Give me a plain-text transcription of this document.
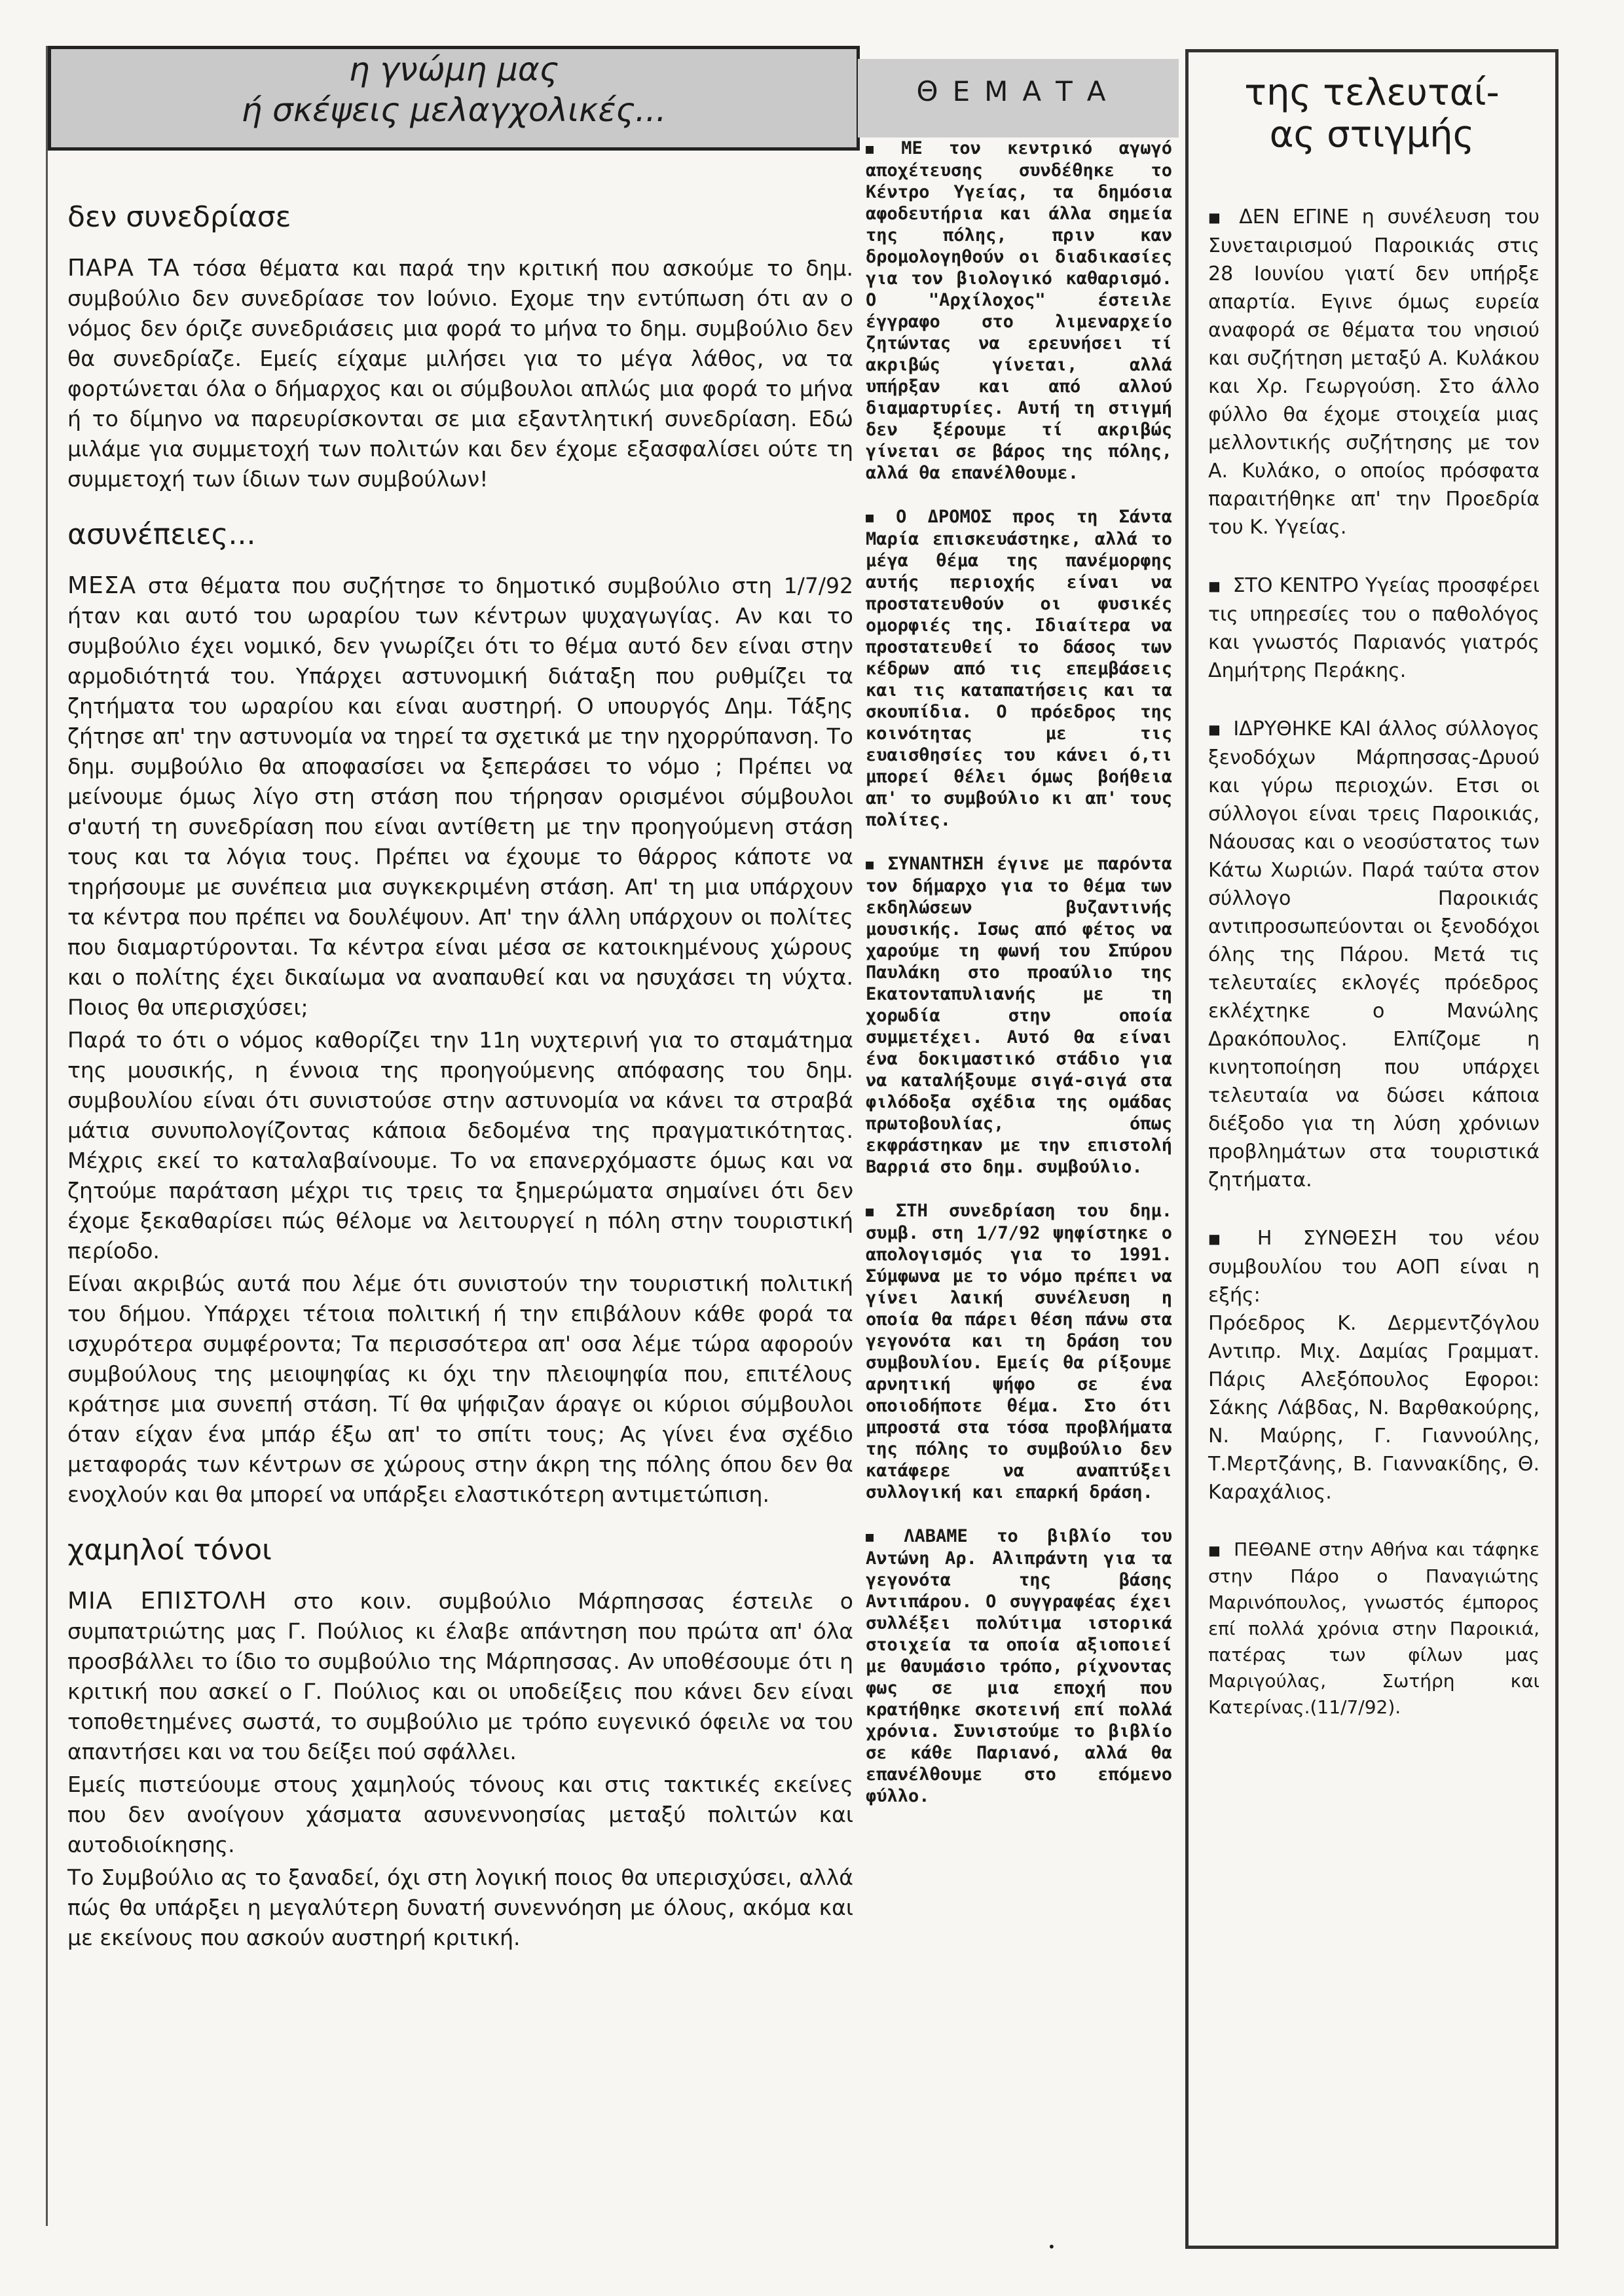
η γνώμη μας
ή σκέψεις μελαγχολικές...
δεν συνεδρίασε

ΠΑΡΑ ΤΑ τόσα θέματα και παρά την κριτική που ασκούμε το δημ. συμβούλιο δεν συνεδρίασε τον Ιούνιο. Εχομε την εντύπωση ότι αν ο νόμος δεν όριζε συνεδριάσεις μια φορά το μήνα το δημ. συμβούλιο δεν θα συνεδρίαζε. Εμείς είχαμε μιλήσει για το μέγα λάθος, να τα φορτώνεται όλα ο δήμαρχος και οι σύμβουλοι απλώς μια φορά το μήνα ή το δίμηνο να παρευρίσκονται σε μια εξαντλητική συνεδρίαση. Εδώ μιλάμε για συμμετοχή των πολιτών και δεν έχομε εξασφαλίσει ούτε τη συμμετοχή των ίδιων των συμβούλων!

ασυνέπειες...

ΜΕΣΑ στα θέματα που συζήτησε το δημοτικό συμβούλιο στη 1/7/92 ήταν και αυτό του ωραρίου των κέντρων ψυχαγωγίας. Αν και το συμβούλιο έχει νομικό, δεν γνωρίζει ότι το θέμα αυτό δεν είναι στην αρμοδιότητά του. Υπάρχει αστυνομική διάταξη που ρυθμίζει τα ζητήματα του ωραρίου και είναι αυστηρή. Ο υπουργός Δημ. Τάξης ζήτησε απ' την αστυνομία να τηρεί τα σχετικά με την ηχορρύπανση. Το δημ. συμβούλιο θα αποφασίσει να ξεπεράσει το νόμο ; Πρέπει να μείνουμε όμως λίγο στη στάση που τήρησαν ορισμένοι σύμβουλοι σ'αυτή τη συνεδρίαση που είναι αντίθετη με την προηγούμενη στάση τους και τα λόγια τους. Πρέπει να έχουμε το θάρρος κάποτε να τηρήσουμε με συνέπεια μια συγκεκριμένη στάση. Απ' τη μια υπάρχουν τα κέντρα που πρέπει να δουλέψουν. Απ' την άλλη υπάρχουν οι πολίτες που διαμαρτύρονται. Τα κέντρα είναι μέσα σε κατοικημένους χώρους και ο πολίτης έχει δικαίωμα να αναπαυθεί και να ησυχάσει τη νύχτα. Ποιος θα υπερισχύσει;

Παρά το ότι ο νόμος καθορίζει την 11η νυχτερινή για το σταμάτημα της μουσικής, η έννοια της προηγούμενης απόφασης του δημ. συμβουλίου είναι ότι συνιστούσε στην αστυνομία να κάνει τα στραβά μάτια συνυπολογίζοντας κάποια δεδομένα της πραγματικότητας. Μέχρις εκεί το καταλαβαίνουμε. Το να επανερχόμαστε όμως και να ζητούμε παράταση μέχρι τις τρεις τα ξημερώματα σημαίνει ότι δεν έχομε ξεκαθαρίσει πώς θέλομε να λειτουργεί η πόλη στην τουριστική περίοδο.

Είναι ακριβώς αυτά που λέμε ότι συνιστούν την τουριστική πολιτική του δήμου. Υπάρχει τέτοια πολιτική ή την επιβάλουν κάθε φορά τα ισχυρότερα συμφέροντα; Τα περισσότερα απ' οσα λέμε τώρα αφορούν συμβούλους της μειοψηφίας κι όχι την πλειοψηφία που, επιτέλους κράτησε μια συνεπή στάση. Τί θα ψήφιζαν άραγε οι κύριοι σύμβουλοι όταν είχαν ένα μπάρ έξω απ' το σπίτι τους; Ας γίνει ένα σχέδιο μεταφοράς των κέντρων σε χώρους στην άκρη της πόλης όπου δεν θα ενοχλούν και θα μπορεί να υπάρξει ελαστικότερη αντιμετώπιση.

χαμηλοί τόνοι

ΜΙΑ ΕΠΙΣΤΟΛΗ στο κοιν. συμβούλιο Μάρπησσας έστειλε ο συμπατριώτης μας Γ. Πούλιος κι έλαβε απάντηση που πρώτα απ' όλα προσβάλλει το ίδιο το συμβούλιο της Μάρπησσας. Αν υποθέσουμε ότι η κριτική που ασκεί ο Γ. Πούλιος και οι υποδείξεις που κάνει δεν είναι τοποθετημένες σωστά, το συμβούλιο με τρόπο ευγενικό όφειλε να του απαντήσει και να του δείξει πού σφάλλει.

Εμείς πιστεύουμε στους χαμηλούς τόνους και στις τακτικές εκείνες που δεν ανοίγουν χάσματα ασυνεννοησίας μεταξύ πολιτών και αυτοδιοίκησης.

Το Συμβούλιο ας το ξαναδεί, όχι στη λογική ποιος θα υπερισχύσει, αλλά πώς θα υπάρξει η μεγαλύτερη δυνατή συνεννόηση με όλους, ακόμα και με εκείνους που ασκούν αυστηρή κριτική.

ΘΕΜΑΤΑ

■ ΜΕ τον κεντρικό αγωγό αποχέτευσης συνδέθηκε το Κέντρο Υγείας, τα δημόσια αφοδευτήρια και άλλα σημεία της πόλης, πριν καν δρομολογηθούν οι διαδικασίες για τον βιολογικό καθαρισμό. Ο "Αρχίλοχος" έστειλε έγγραφο στο λιμεναρχείο ζητώντας να ερευνήσει τί ακριβώς γίνεται, αλλά υπήρξαν και από αλλού διαμαρτυρίες. Αυτή τη στιγμή δεν ξέρουμε τί ακριβώς γίνεται σε βάρος της πόλης, αλλά θα επανέλθουμε.

■ Ο ΔΡΟΜΟΣ προς τη Σάντα Μαρία επισκευάστηκε, αλλά το μέγα θέμα της πανέμορφης αυτής περιοχής είναι να προστατευθούν οι φυσικές ομορφιές της. Ιδιαίτερα να προστατευθεί το δάσος των κέδρων από τις επεμβάσεις και τις καταπατήσεις και τα σκουπίδια. Ο πρόεδρος της κοινότητας με τις ευαισθησίες του κάνει ό,τι μπορεί θέλει όμως βοήθεια απ' το συμβούλιο κι απ' τους πολίτες.

■ ΣΥΝΑΝΤΗΣΗ έγινε με παρόντα τον δήμαρχο για το θέμα των εκδηλώσεων βυζαντινής μουσικής. Ισως από φέτος να χαρούμε τη φωνή του Σπύρου Παυλάκη στο προαύλιο της Εκατονταπυλιανής με τη χορωδία στην οποία συμμετέχει. Αυτό θα είναι ένα δοκιμαστικό στάδιο για να καταλήξουμε σιγά-σιγά στα φιλόδοξα σχέδια της ομάδας πρωτοβουλίας, όπως εκφράστηκαν με την επιστολή Βαρριά στο δημ. συμβούλιο.

■ ΣΤΗ συνεδρίαση του δημ. συμβ. στη 1/7/92 ψηφίστηκε ο απολογισμός για το 1991. Σύμφωνα με το νόμο πρέπει να γίνει λαική συνέλευση η οποία θα πάρει θέση πάνω στα γεγονότα και τη δράση του συμβουλίου. Εμείς θα ρίξουμε αρνητική ψήφο σε ένα οποιοδήποτε θέμα. Στο ότι μπροστά στα τόσα προβλήματα της πόλης το συμβούλιο δεν κατάφερε να αναπτύξει συλλογική και επαρκή δράση.

■ ΛΑΒΑΜΕ το βιβλίο του Αντώνη Αρ. Αλιπράντη για τα γεγονότα της βάσης Αντιπάρου. Ο συγγραφέας έχει συλλέξει πολύτιμα ιστορικά στοιχεία τα οποία αξιοποιεί με θαυμάσιο τρόπο, ρίχνοντας φως σε μια εποχή που κρατήθηκε σκοτεινή επί πολλά χρόνια. Συνιστούμε το βιβλίο σε κάθε Παριανό, αλλά θα επανέλθουμε στο επόμενο φύλλο.

της τελευταί-
ας στιγμής

■ ΔΕΝ ΕΓΙΝΕ η συνέλευση του Συνεταιρισμού Παροικιάς στις 28 Ιουνίου γιατί δεν υπήρξε απαρτία. Εγινε όμως ευρεία αναφορά σε θέματα του νησιού και συζήτηση μεταξύ Α. Κυλάκου και Χρ. Γεωργούση. Στο άλλο φύλλο θα έχομε στοιχεία μιας μελλοντικής συζήτησης με τον Α. Κυλάκο, ο οποίος πρόσφατα παραιτήθηκε απ' την Προεδρία του Κ. Υγείας.

■ ΣΤΟ ΚΕΝΤΡΟ Υγείας προσφέρει τις υπηρεσίες του ο παθολόγος και γνωστός Παριανός γιατρός Δημήτρης Περάκης.

■ ΙΔΡΥΘΗΚΕ ΚΑΙ άλλος σύλλογος ξενοδόχων Μάρπησσας-Δρυού και γύρω περιοχών. Ετσι οι σύλλογοι είναι τρεις Παροικιάς, Νάουσας και ο νεοσύστατος των Κάτω Χωριών. Παρά ταύτα στον σύλλογο Παροικιάς αντιπροσωπεύονται οι ξενοδόχοι όλης της Πάρου. Μετά τις τελευταίες εκλογές πρόεδρος εκλέχτηκε ο Μανώλης Δρακόπουλος. Ελπίζομε η κινητοποίηση που υπάρχει τελευταία να δώσει κάποια διέξοδο για τη λύση χρόνιων προβλημάτων στα τουριστικά ζητήματα.

■ Η ΣΥΝΘΕΣΗ του νέου συμβουλίου του ΑΟΠ είναι η εξής:
Πρόεδρος Κ. Δερμεντζόγλου Αντιπρ. Μιχ. Δαμίας Γραμματ. Πάρις Αλεξόπουλος Εφοροι: Σάκης Λάβδας, Ν. Βαρθακούρης, Ν. Μαύρης, Γ. Γιαννούλης, Τ.Μερτζάνης, Β. Γιαννακίδης, Θ. Καραχάλιος.

■ ΠΕΘΑΝΕ στην Αθήνα και τάφηκε στην Πάρο ο Παναγιώτης Μαρινόπουλος, γνωστός έμπορος επί πολλά χρόνια στην Παροικιά, πατέρας των φίλων μας Μαριγούλας, Σωτήρη και Κατερίνας.(11/7/92).

•
